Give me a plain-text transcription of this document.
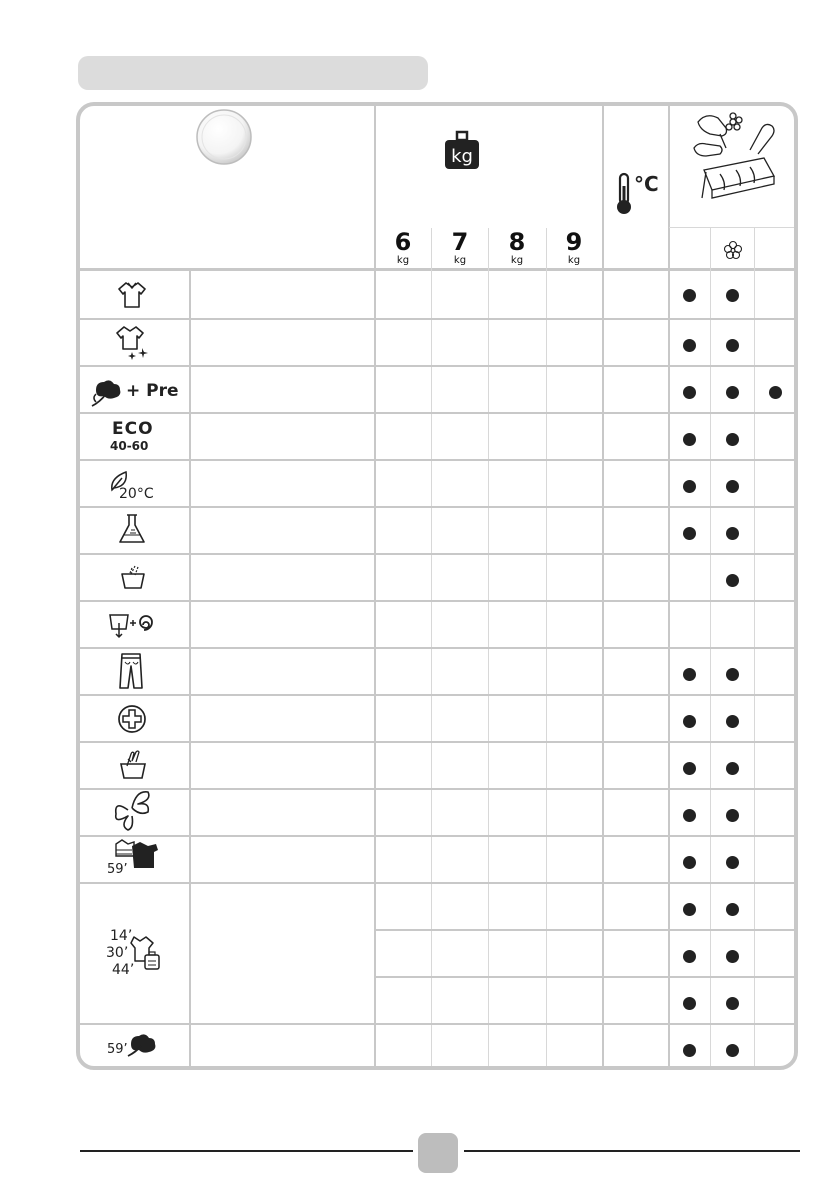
kg
°C
6
kg
7
kg
8
kg
9
kg
+ Pre
ECO
40-60
20°C
59’
14’
30’
44’
59’
